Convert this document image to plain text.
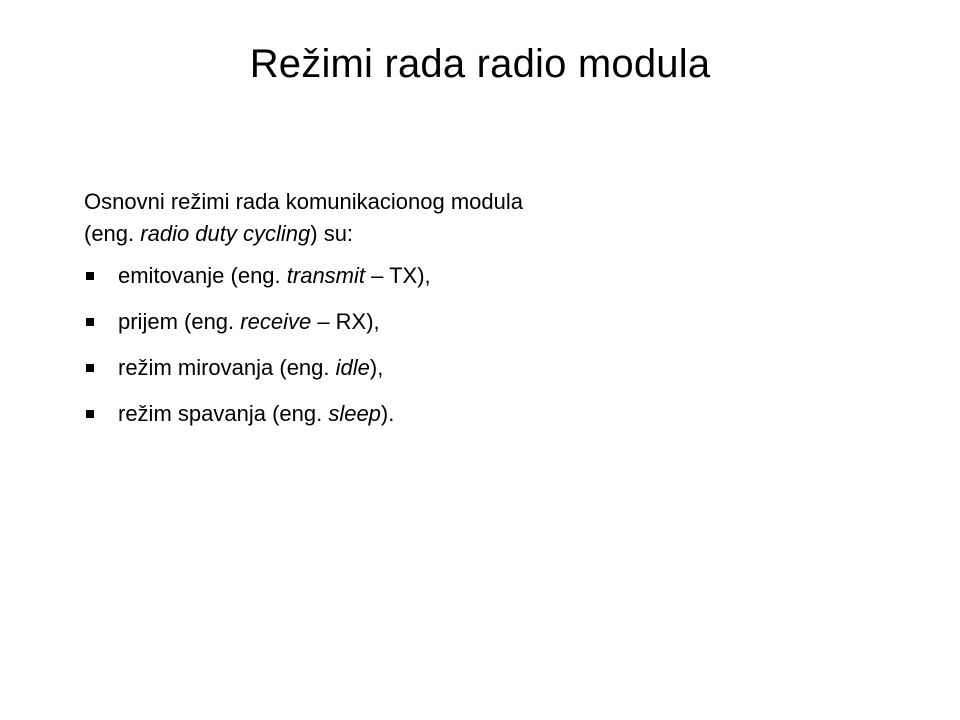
Režimi rada radio modula
Osnovni režimi rada komunikacionog modula
(eng. radio duty cycling) su:
emitovanje (eng. transmit – TX),
prijem (eng. receive – RX),
režim mirovanja (eng. idle),
režim spavanja (eng. sleep).
